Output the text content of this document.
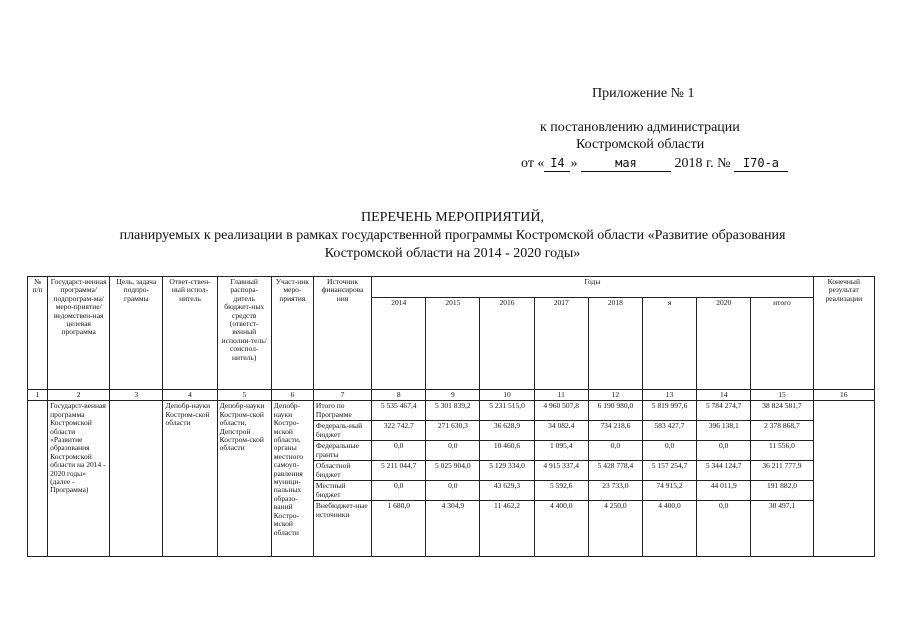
Приложение № 1
к постановлению администрации
Костромской области
от « I4 »	мая	2018 г. № I70-а
ПЕРЕЧЕНЬ МЕРОПРИЯТИЙ,
планируемых к реализации в рамках государственной программы Костромской области «Развитие образования
Костромской области на 2014 - 2020 годы»
№ п/п	Государст-венная программа/ подпрограм-ма/ меро-приятие/ ведомствен-ная целевая программа	Цель, задача подпро-граммы	Ответ-ствен-ный испол-нитель	Главный распора-дитель бюджет-ных средств (ответст-венный исполни-тель/ соиспол-нитель)	Участ-ник меро-приятия	Источник финансирова ния	Годы								Конечный результат реализации
							2014	2015	2016	2017	2018	я	2020	итого	
1	2	3	4	5	6	7	8	9	10	11	12	13	14	15	16
	Государст-венная программа Костромской области «Развитие образования Костромской области на 2014 - 2020 годы» (далее - Программа)		Депобр-науки Костром-ской области	Депобр-науки Костром-ской области, Депстрой Костром-ской области	Депобр-науки Костро-мской области, органы местного самоуп-равления муници-пальных образо-ваний Костро-мской области	Итого по Программе	5 535 467,4	5 301 839,2	5 231 515,0	4 960 507,8	6 190 980,0	5 819 997,6	5 784 274,7	38 824 581,7	
						Федераль-ный бюджет	322 742,7	271 630,3	36 628,9	34 082,4	734 218,6	583 427,7	396 138,1	2 378 868,7	
						Федеральные гранты	0,0	0,0	10 460,6	1 095,4	0,0	0,0	0,0	11 556,0	
						Областной бюджет	5 211 044,7	5 025 904,0	5 129 334,0	4 915 337,4	5 428 778,4	5 157 254,7	5 344 124,7	36 211 777,9	
						Местный бюджет	0,0	0,0	43 629,3	5 592,6	23 733,0	74 915,2	44 011,9	191 882,0	
						Внебюджет-ные источники	1 680,0	4 304,9	11 462,2	4 400,0	4 250,0	4 400,0	0,0	30 497,1	
